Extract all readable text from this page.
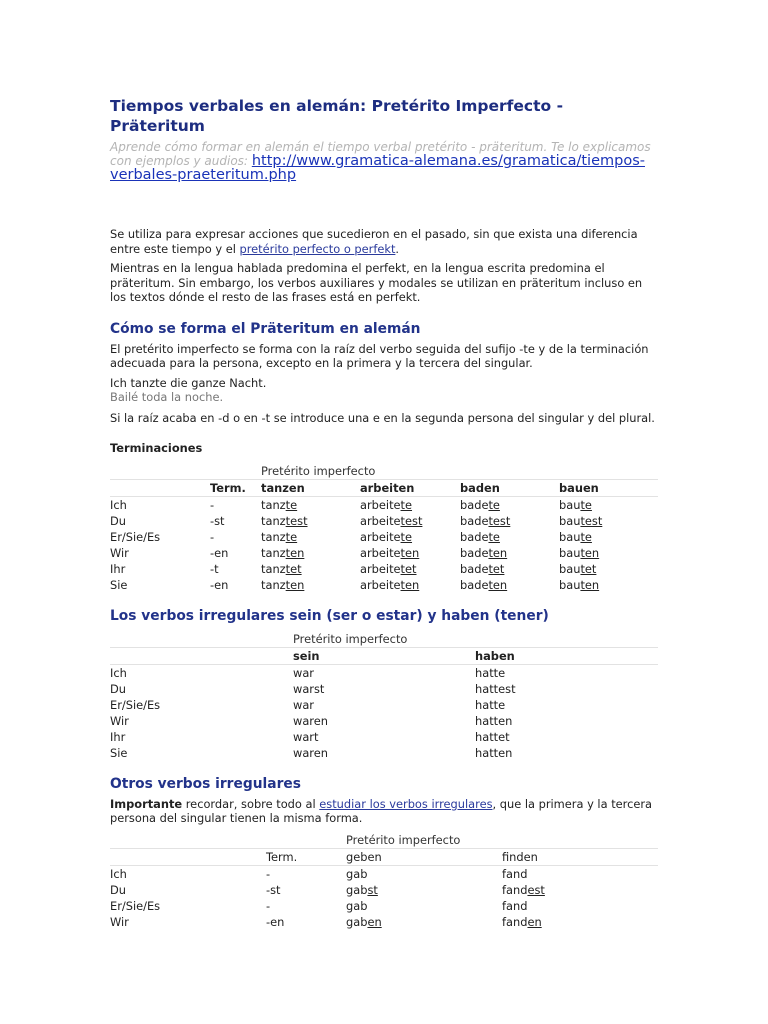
Tiempos verbales en alemán: Pretérito Imperfecto - Präteritum
Aprende cómo formar en alemán el tiempo verbal pretérito - präteritum. Te lo explicamos con ejemplos y audios: http://www.gramatica-alemana.es/gramatica/tiempos-verbales-praeteritum.php

Se utiliza para expresar acciones que sucedieron en el pasado, sin que exista una diferencia entre este tiempo y el pretérito perfecto o perfekt.

Mientras en la lengua hablada predomina el perfekt, en la lengua escrita predomina el präteritum. Sin embargo, los verbos auxiliares y modales se utilizan en präteritum incluso en los textos dónde el resto de las frases está en perfekt.

Cómo se forma el Präteritum en alemán

El pretérito imperfecto se forma con la raíz del verbo seguida del sufijo -te y de la terminación adecuada para la persona, excepto en la primera y la tercera del singular.

Ich tanzte die ganze Nacht.

Bailé toda la noche.

Si la raíz acaba en -d o en -t se introduce una e en la segunda persona del singular y del plural.

Terminaciones

		Pretérito imperfecto			
	Term.	tanzen	arbeiten	baden	bauen
Ich	-	tanzte	arbeitete	badete	baute
Du	-st	tanztest	arbeitetest	badetest	bautest
Er/Sie/Es	-	tanzte	arbeitete	badete	baute
Wir	-en	tanzten	arbeiteten	badeten	bauten
Ihr	-t	tanztet	arbeitetet	badetet	bautet
Sie	-en	tanzten	arbeiteten	badeten	bauten
Los verbos irregulares sein (ser o estar) y haben (tener)
	Pretérito imperfecto	
	sein	haben
Ich	war	hatte
Du	warst	hattest
Er/Sie/Es	war	hatte
Wir	waren	hatten
Ihr	wart	hattet
Sie	waren	hatten
Otros verbos irregulares

Importante recordar, sobre todo al estudiar los verbos irregulares, que la primera y la tercera persona del singular tienen la misma forma.

		Pretérito imperfecto	
	Term.	geben	finden
Ich	-	gab	fand
Du	-st	gabst	fandest
Er/Sie/Es	-	gab	fand
Wir	-en	gaben	fanden
